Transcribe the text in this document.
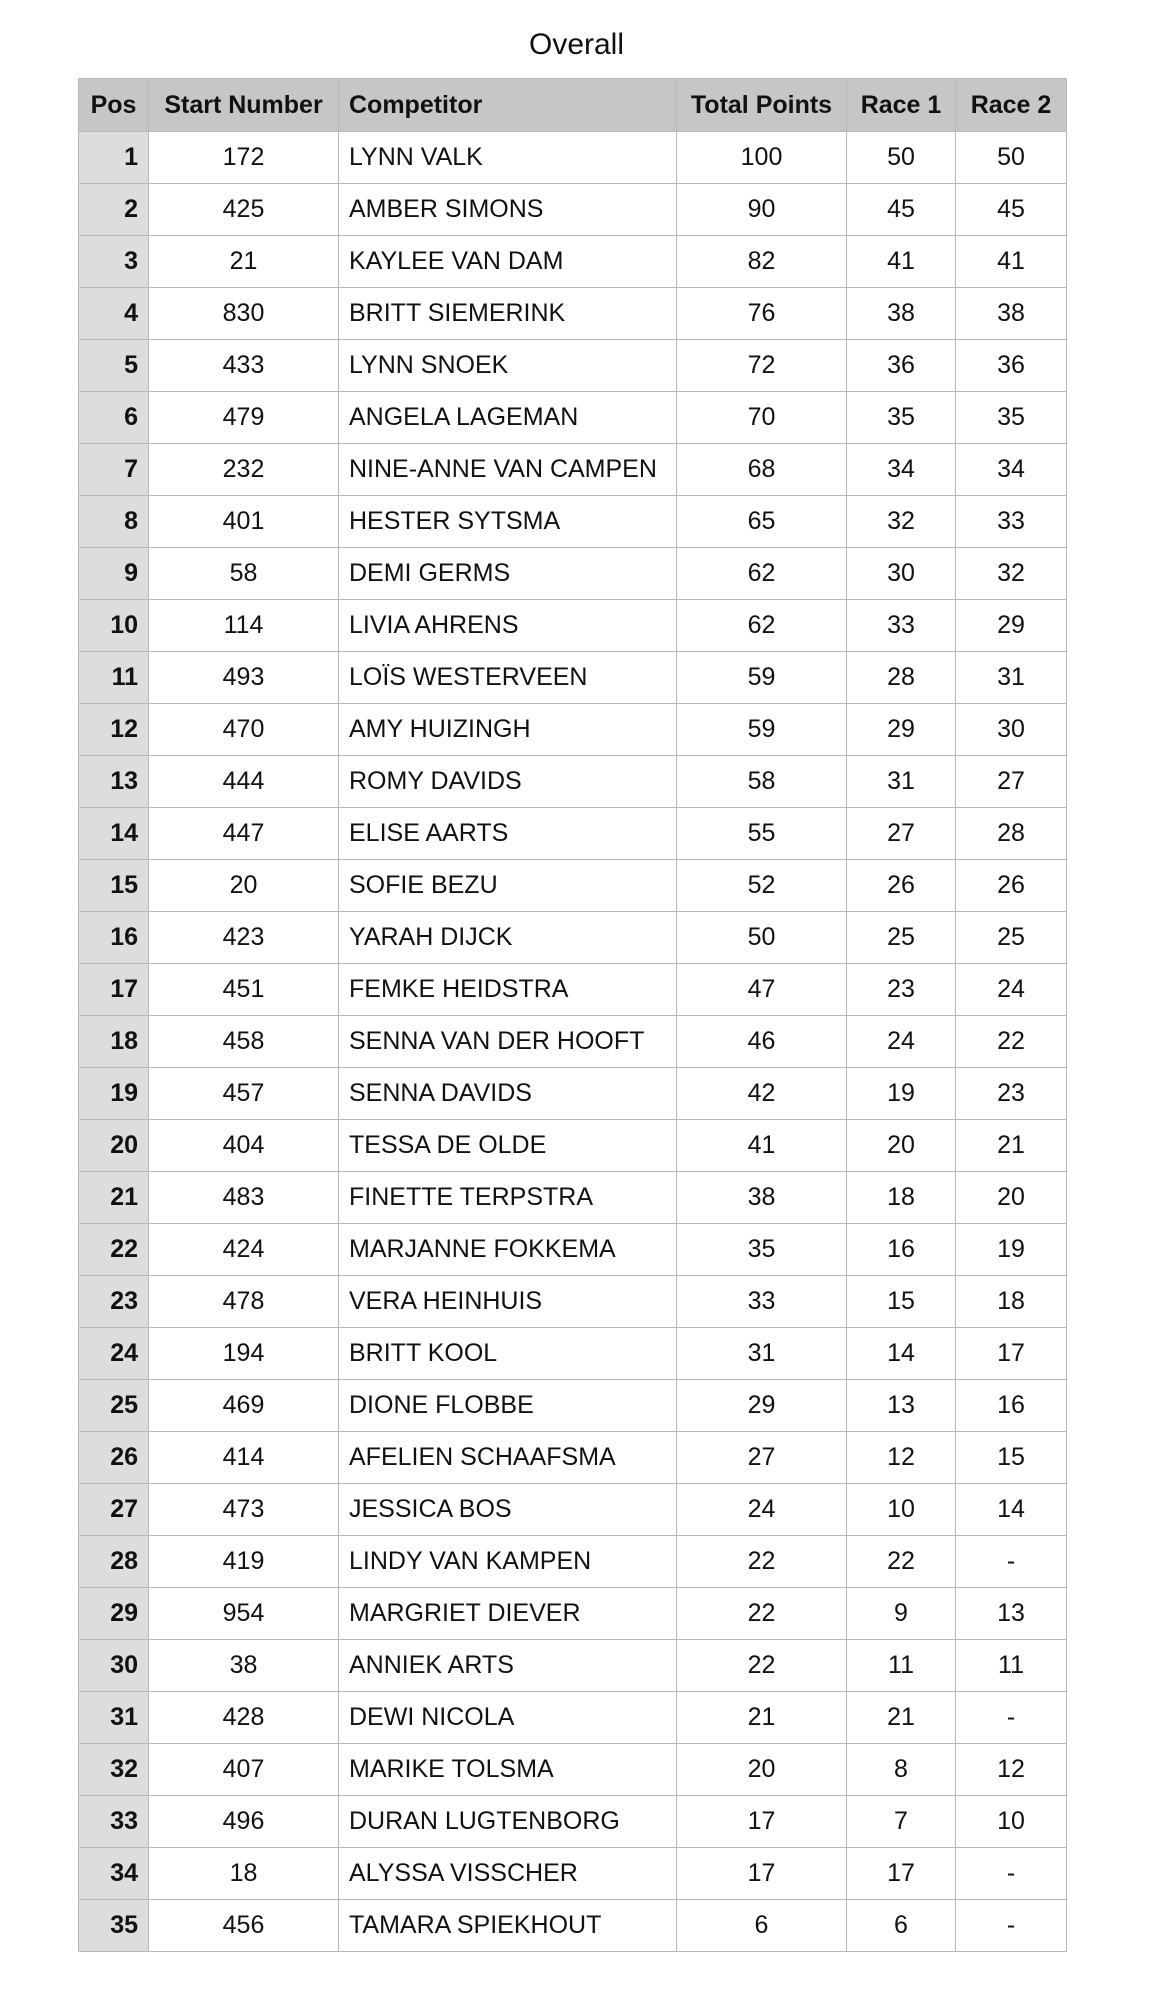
Overall
Pos	Start Number	Competitor	Total Points	Race 1	Race 2
1	172	LYNN VALK	100	50	50
2	425	AMBER SIMONS	90	45	45
3	21	KAYLEE VAN DAM	82	41	41
4	830	BRITT SIEMERINK	76	38	38
5	433	LYNN SNOEK	72	36	36
6	479	ANGELA LAGEMAN	70	35	35
7	232	NINE-ANNE VAN CAMPEN	68	34	34
8	401	HESTER SYTSMA	65	32	33
9	58	DEMI GERMS	62	30	32
10	114	LIVIA AHRENS	62	33	29
11	493	LOÏS WESTERVEEN	59	28	31
12	470	AMY HUIZINGH	59	29	30
13	444	ROMY DAVIDS	58	31	27
14	447	ELISE AARTS	55	27	28
15	20	SOFIE BEZU	52	26	26
16	423	YARAH DIJCK	50	25	25
17	451	FEMKE HEIDSTRA	47	23	24
18	458	SENNA VAN DER HOOFT	46	24	22
19	457	SENNA DAVIDS	42	19	23
20	404	TESSA DE OLDE	41	20	21
21	483	FINETTE TERPSTRA	38	18	20
22	424	MARJANNE FOKKEMA	35	16	19
23	478	VERA HEINHUIS	33	15	18
24	194	BRITT KOOL	31	14	17
25	469	DIONE FLOBBE	29	13	16
26	414	AFELIEN SCHAAFSMA	27	12	15
27	473	JESSICA BOS	24	10	14
28	419	LINDY VAN KAMPEN	22	22	-
29	954	MARGRIET DIEVER	22	9	13
30	38	ANNIEK ARTS	22	11	11
31	428	DEWI NICOLA	21	21	-
32	407	MARIKE TOLSMA	20	8	12
33	496	DURAN LUGTENBORG	17	7	10
34	18	ALYSSA VISSCHER	17	17	-
35	456	TAMARA SPIEKHOUT	6	6	-
